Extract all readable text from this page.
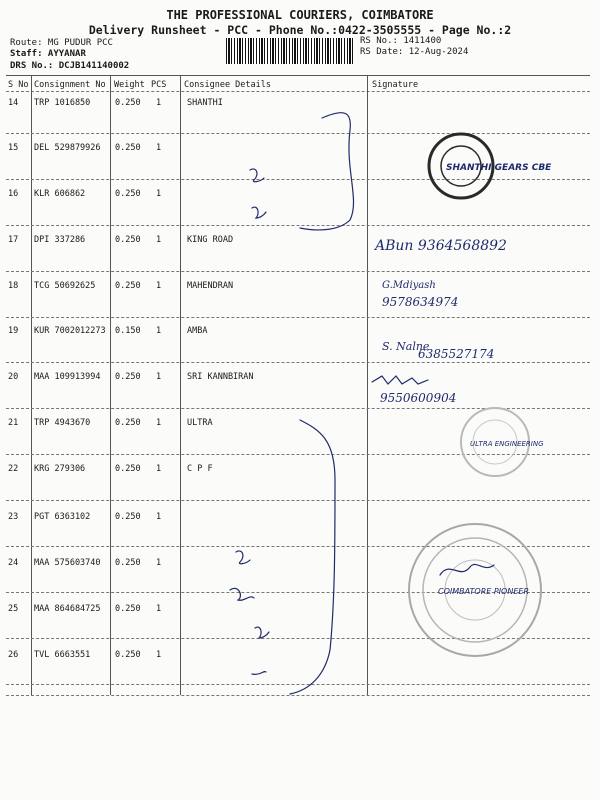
THE PROFESSIONAL COURIERS, COIMBATORE
Delivery Runsheet - PCC - Phone No.:0422-3505555 - Page No.:2
Route: MG PUDUR PCC
Staff: AYYANAR
DRS No.: DCJB141140002
RS No.: 1411400
RS Date: 12-Aug-2024
S No Consignment No Weight PCS Consignee Details	Signature
14 TRP 1016850	0.250 1	SHANTHI
15 DEL 529879926 0.250 1
16 KLR 606862	0.250 1
17 DPI 337286	0.250 1	KING ROAD
18 TCG 50692625 0.250 1	MAHENDRAN
19 KUR 7002012273 0.150 1	AMBA
20 MAA 109913994 0.250 1	SRI KANNBIRAN
21 TRP 4943670	0.250 1	ULTRA
22 KRG 279306	0.250 1	C P F
23 PGT 6363102	0.250 1
24 MAA 575603740 0.250 1
25 MAA 864684725 0.250 1
26 TVL 6663551	0.250 1
ABun 9364568892
G.Mdiyash
9578634974
S. Nalne
6385527174
9550600904
SHANTHI GEARS CBE
ULTRA ENGINEERING
COIMBATORE PIONEER
